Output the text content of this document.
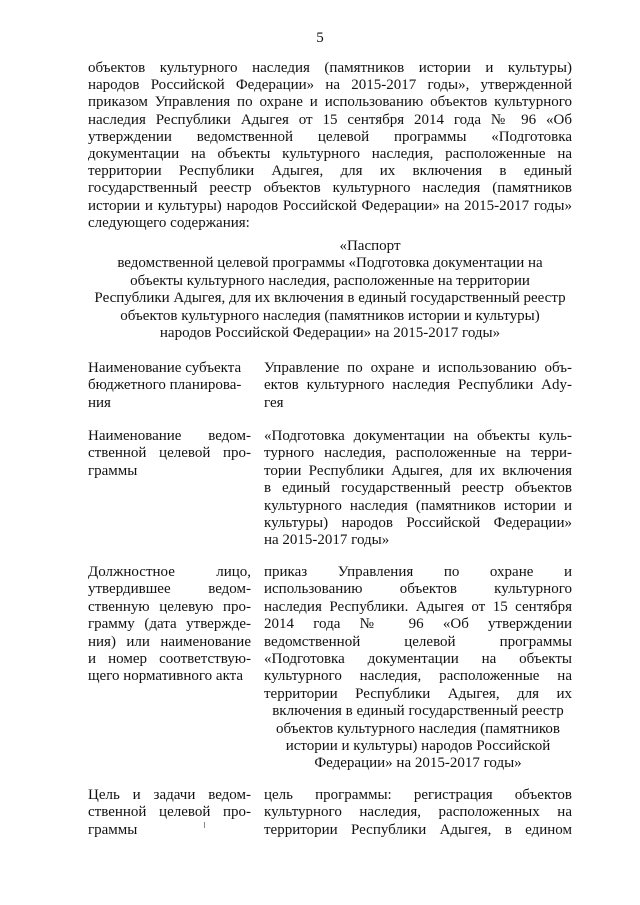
5
объектов культурного наследия (памятников истории и культуры)
народов Российской Федерации» на 2015-2017 годы», утвержденной
приказом Управления по охране и использованию объектов культурного
наследия Республики Адыгея от 15 сентября 2014 года № 96 «Об
утверждении ведомственной целевой программы «Подготовка
документации на объекты культурного наследия, расположенные на
территории Республики Адыгея, для их включения в единый
государственный реестр объектов культурного наследия (памятников
истории и культуры) народов Российской Федерации» на 2015-2017 годы»
следующего содержания:
«Паспорт
ведомственной целевой программы «Подготовка документации на
объекты культурного наследия, расположенные на территории
Республики Адыгея, для их включения в единый государственный реестр
объектов культурного наследия (памятников истории и культуры)
народов Российской Федерации» на 2015-2017 годы»
Наименование субъекта
бюджетного планирова-
ния
Управление по охране и использованию объ-
ектов культурного наследия Республики Ady-
гея
Наименование ведом-
ственной целевой про-
граммы
«Подготовка документации на объекты куль-
турного наследия, расположенные на терри-
тории Республики Адыгея, для их включения
в единый государственный реестр объектов
культурного наследия (памятников истории и
культуры) народов Российской Федерации»
на 2015-2017 годы»
Должностное лицо,
утвердившее ведом-
ственную целевую про-
грамму (дата утвержде-
ния) или наименование
и номер соответствую-
щего нормативного акта
приказ Управления по охране и
использованию объектов культурного
наследия Республики. Адыгея от 15 сентября
2014 года № 96 «Об утверждении
ведомственной целевой программы
«Подготовка документации на объекты
культурного наследия, расположенные на
территории Республики Адыгея, для их
включения в единый государственный реестр
объектов культурного наследия (памятников
истории и культуры) народов Российской
Федерации» на 2015-2017 годы»
Цель и задачи ведом-
ственной целевой про-
граммы
цель программы: регистрация объектов
культурного наследия, расположенных на
территории Республики Адыгея, в едином
